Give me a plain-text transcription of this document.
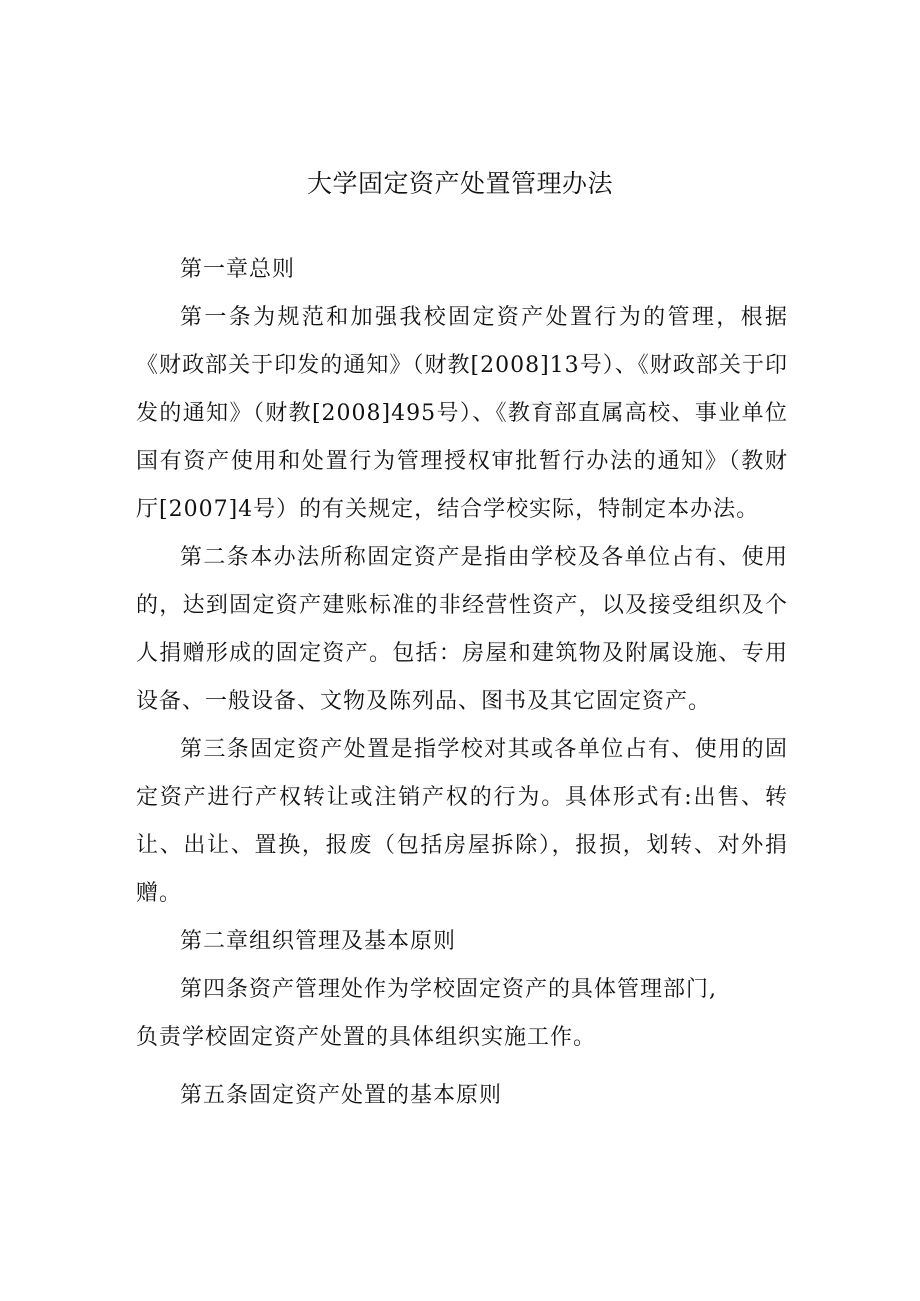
大学固定资产处置管理办法

第一章总则

第一条为规范和加强我校固定资产处置行为的管理，根据《财政部关于印发的通知》（财教[2008]13号）、《财政部关于印发的通知》（财教[2008]495号）、《教育部直属高校、事业单位国有资产使用和处置行为管理授权审批暂行办法的通知》（教财厅[2007]4号）的有关规定，结合学校实际，特制定本办法。

第二条本办法所称固定资产是指由学校及各单位占有、使用的，达到固定资产建账标准的非经营性资产，以及接受组织及个人捐赠形成的固定资产。包括：房屋和建筑物及附属设施、专用设备、一般设备、文物及陈列品、图书及其它固定资产。

第三条固定资产处置是指学校对其或各单位占有、使用的固定资产进行产权转让或注销产权的行为。具体形式有:出售、转让、出让、置换，报废（包括房屋拆除），报损，划转、对外捐赠。

第二章组织管理及基本原则

第四条资产管理处作为学校固定资产的具体管理部门,

负责学校固定资产处置的具体组织实施工作。

第五条固定资产处置的基本原则
